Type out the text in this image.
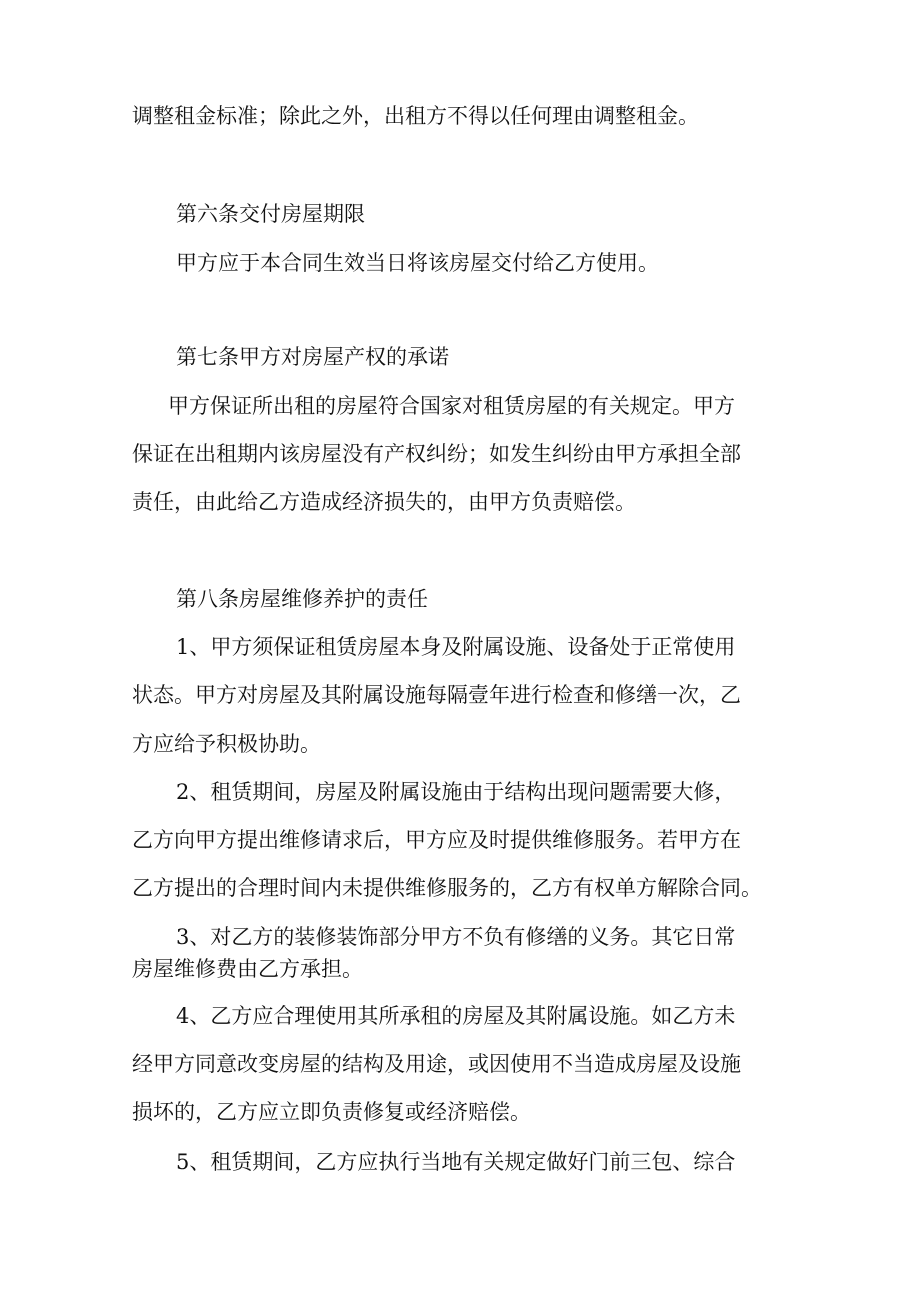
调整租金标准；除此之外，出租方不得以任何理由调整租金。

第六条交付房屋期限

甲方应于本合同生效当日将该房屋交付给乙方使用。

第七条甲方对房屋产权的承诺

甲方保证所出租的房屋符合国家对租赁房屋的有关规定。甲方

保证在出租期内该房屋没有产权纠纷；如发生纠纷由甲方承担全部

责任，由此给乙方造成经济损失的，由甲方负责赔偿。

第八条房屋维修养护的责任

1、甲方须保证租赁房屋本身及附属设施、设备处于正常使用

状态。甲方对房屋及其附属设施每隔壹年进行检查和修缮一次，乙

方应给予积极协助。

2、租赁期间，房屋及附属设施由于结构出现问题需要大修，

乙方向甲方提出维修请求后，甲方应及时提供维修服务。若甲方在

乙方提出的合理时间内未提供维修服务的，乙方有权单方解除合同。

3、对乙方的装修装饰部分甲方不负有修缮的义务。其它日常

房屋维修费由乙方承担。

4、乙方应合理使用其所承租的房屋及其附属设施。如乙方未

经甲方同意改变房屋的结构及用途，或因使用不当造成房屋及设施

损坏的，乙方应立即负责修复或经济赔偿。

5、租赁期间，乙方应执行当地有关规定做好门前三包、综合
